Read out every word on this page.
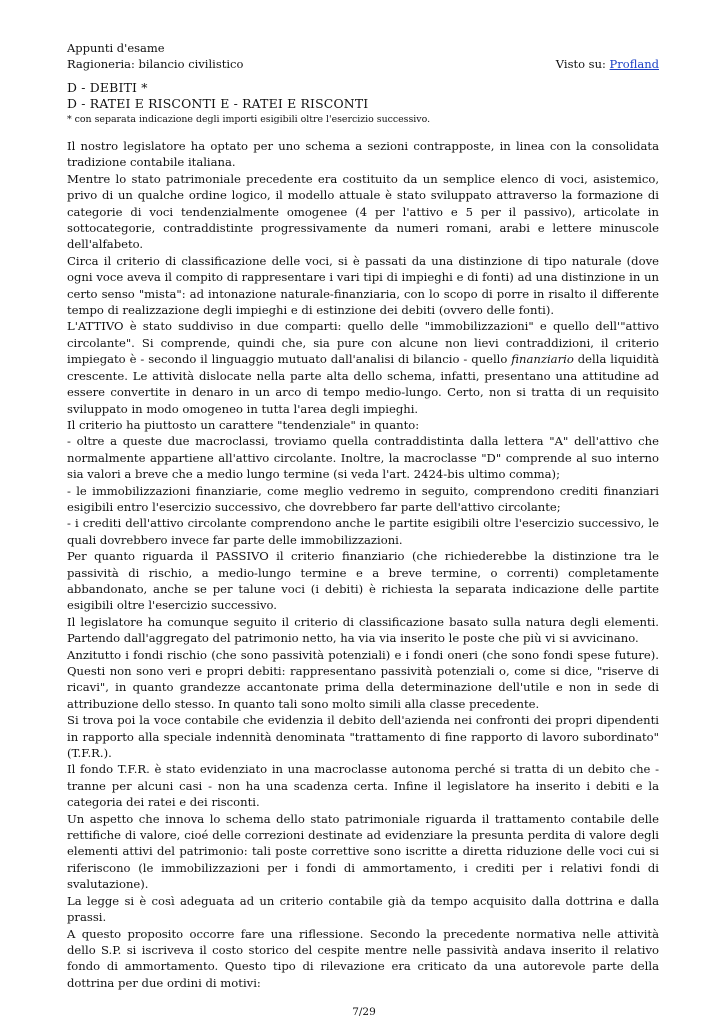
Appunti d'esame
Ragioneria: bilancio civilistico	Visto su: Profland
D - DEBITI *
D - RATEI E RISCONTI E - RATEI E RISCONTI
* con separata indicazione degli importi esigibili oltre l'esercizio successivo.

Il nostro legislatore ha optato per uno schema a sezioni contrapposte, in linea con la consolidata tradizione contabile italiana.

Mentre lo stato patrimoniale precedente era costituito da un semplice elenco di voci, asistemico, privo di un qualche ordine logico, il modello attuale è stato sviluppato attraverso la formazione di categorie di voci tendenzialmente omogenee (4 per l'attivo e 5 per il passivo), articolate in sottocategorie, contraddistinte progressivamente da numeri romani, arabi e lettere minuscole dell'alfabeto.

Circa il criterio di classificazione delle voci, si è passati da una distinzione di tipo naturale (dove ogni voce aveva il compito di rappresentare i vari tipi di impieghi e di fonti) ad una distinzione in un certo senso "mista": ad intonazione naturale-finanziaria, con lo scopo di porre in risalto il differente tempo di realizzazione degli impieghi e di estinzione dei debiti (ovvero delle fonti).

L'ATTIVO è stato suddiviso in due comparti: quello delle "immobilizzazioni" e quello dell'"attivo circolante". Si comprende, quindi che, sia pure con alcune non lievi contraddizioni, il criterio impiegato è - secondo il linguaggio mutuato dall'analisi di bilancio - quello finanziario della liquidità crescente. Le attività dislocate nella parte alta dello schema, infatti, presentano una attitudine ad essere convertite in denaro in un arco di tempo medio-lungo. Certo, non si tratta di un requisito sviluppato in modo omogeneo in tutta l'area degli impieghi.

Il criterio ha piuttosto un carattere "tendenziale" in quanto:

- oltre a queste due macroclassi, troviamo quella contraddistinta dalla lettera "A" dell'attivo che normalmente appartiene all'attivo circolante. Inoltre, la macroclasse "D" comprende al suo interno sia valori a breve che a medio lungo termine (si veda l'art. 2424-bis ultimo comma);

- le immobilizzazioni finanziarie, come meglio vedremo in seguito, comprendono crediti finanziari esigibili entro l'esercizio successivo, che dovrebbero far parte dell'attivo circolante;

- i crediti dell'attivo circolante comprendono anche le partite esigibili oltre l'esercizio successivo, le quali dovrebbero invece far parte delle immobilizzazioni.

Per quanto riguarda il PASSIVO il criterio finanziario (che richiederebbe la distinzione tra le passività di rischio, a medio-lungo termine e a breve termine, o correnti) completamente abbandonato, anche se per talune voci (i debiti) è richiesta la separata indicazione delle partite esigibili oltre l'esercizio successivo.

Il legislatore ha comunque seguito il criterio di classificazione basato sulla natura degli elementi. Partendo dall'aggregato del patrimonio netto, ha via via inserito le poste che più vi si avvicinano.

Anzitutto i fondi rischio (che sono passività potenziali) e i fondi oneri (che sono fondi spese future). Questi non sono veri e propri debiti: rappresentano passività potenziali o, come si dice, "riserve di ricavi", in quanto grandezze accantonate prima della determinazione dell'utile e non in sede di attribuzione dello stesso. In quanto tali sono molto simili alla classe precedente.

Si trova poi la voce contabile che evidenzia il debito dell'azienda nei confronti dei propri dipendenti in rapporto alla speciale indennità denominata "trattamento di fine rapporto di lavoro subordinato" (T.F.R.).

Il fondo T.F.R. è stato evidenziato in una macroclasse autonoma perché si tratta di un debito che - tranne per alcuni casi - non ha una scadenza certa. Infine il legislatore ha inserito i debiti e la categoria dei ratei e dei risconti.

Un aspetto che innova lo schema dello stato patrimoniale riguarda il trattamento contabile delle rettifiche di valore, cioé delle correzioni destinate ad evidenziare la presunta perdita di valore degli elementi attivi del patrimonio: tali poste correttive sono iscritte a diretta riduzione delle voci cui si riferiscono (le immobilizzazioni per i fondi di ammortamento, i crediti per i relativi fondi di svalutazione).

La legge si è così adeguata ad un criterio contabile già da tempo acquisito dalla dottrina e dalla prassi.

A questo proposito occorre fare una riflessione. Secondo la precedente normativa nelle attività dello S.P. si iscriveva il costo storico del cespite mentre nelle passività andava inserito il relativo fondo di ammortamento. Questo tipo di rilevazione era criticato da una autorevole parte della dottrina per due ordini di motivi:

7/29
